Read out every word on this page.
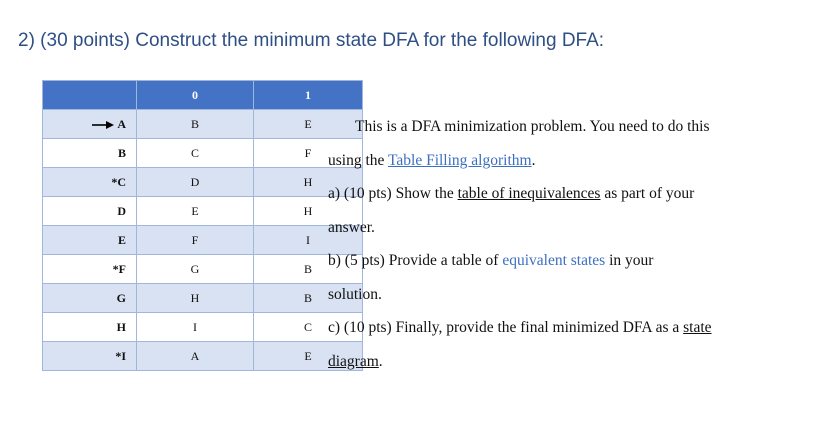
2) (30 points) Construct the minimum state DFA for the following DFA:
	0	1
A	B	E
B	C	F
*C	D	H
D	E	H
E	F	I
*F	G	B
G	H	B
H	I	C
*I	A	E

This is a DFA minimization problem. You need to do this

using the Table Filling algorithm.

a) (10 pts) Show the table of inequivalences as part of your

answer.

b) (5 pts) Provide a table of equivalent states in your

solution.

c) (10 pts) Finally, provide the final minimized DFA as a state

diagram.
